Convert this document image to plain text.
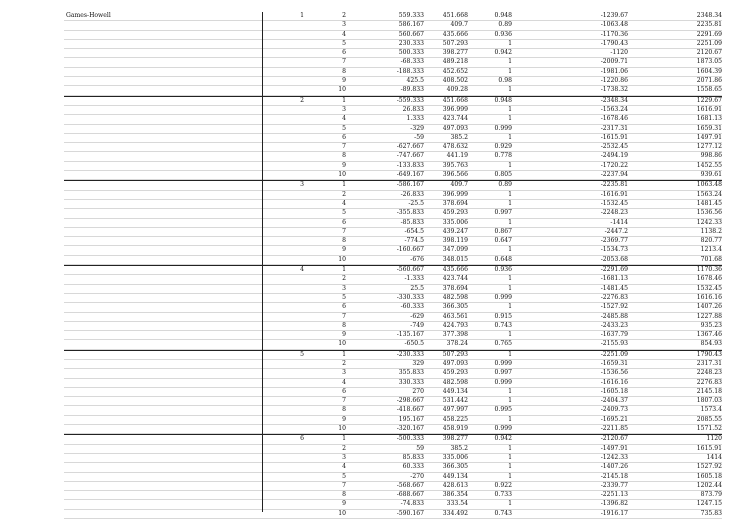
Games-Howell	1	2	559.333	451.668	0.948	-1239.67	2348.34
3	586.167	409.7	0.89	-1063.48	2235.81
4	560.667	435.666	0.936	-1170.36	2291.69
5	230.333	507.293	1	-1790.43	2251.09
6	500.333	398.277	0.942	-1120	2120.67
7	-68.333	489.218	1	-2009.71	1873.05
8	-188.333	452.652	1	-1981.06	1604.39
9	425.5	408.502	0.98	-1220.86	2071.86
10	-89.833	409.28	1	-1738.32	1558.65
2	1	-559.333	451.668	0.948	-2348.34	1229.67
3	26.833	396.999	1	-1563.24	1616.91
4	1.333	423.744	1	-1678.46	1681.13
5	-329	497.093	0.999	-2317.31	1659.31
6	-59	385.2	1	-1615.91	1497.91
7	-627.667	478.632	0.929	-2532.45	1277.12
8	-747.667	441.19	0.778	-2494.19	998.86
9	-133.833	395.763	1	-1720.22	1452.55
10	-649.167	396.566	0.805	-2237.94	939.61
3	1	-586.167	409.7	0.89	-2235.81	1063.48
2	-26.833	396.999	1	-1616.91	1563.24
4	-25.5	378.694	1	-1532.45	1481.45
5	-355.833	459.293	0.997	-2248.23	1536.56
6	-85.833	335.006	1	-1414	1242.33
7	-654.5	439.247	0.867	-2447.2	1138.2
8	-774.5	398.119	0.647	-2369.77	820.77
9	-160.667	347.099	1	-1534.73	1213.4
10	-676	348.015	0.648	-2053.68	701.68
4	1	-560.667	435.666	0.936	-2291.69	1170.36
2	-1.333	423.744	1	-1681.13	1678.46
3	25.5	378.694	1	-1481.45	1532.45
5	-330.333	482.598	0.999	-2276.83	1616.16
6	-60.333	366.305	1	-1527.92	1407.26
7	-629	463.561	0.915	-2485.88	1227.88
8	-749	424.793	0.743	-2433.23	935.23
9	-135.167	377.398	1	-1637.79	1367.46
10	-650.5	378.24	0.765	-2155.93	854.93
5	1	-230.333	507.293	1	-2251.09	1790.43
2	329	497.093	0.999	-1659.31	2317.31
3	355.833	459.293	0.997	-1536.56	2248.23
4	330.333	482.598	0.999	-1616.16	2276.83
6	270	449.134	1	-1605.18	2145.18
7	-298.667	531.442	1	-2404.37	1807.03
8	-418.667	497.997	0.995	-2409.73	1573.4
9	195.167	458.225	1	-1695.21	2085.55
10	-320.167	458.919	0.999	-2211.85	1571.52
6	1	-500.333	398.277	0.942	-2120.67	1120
2	59	385.2	1	-1497.91	1615.91
3	85.833	335.006	1	-1242.33	1414
4	60.333	366.305	1	-1407.26	1527.92
5	-270	449.134	1	-2145.18	1605.18
7	-568.667	428.613	0.922	-2339.77	1202.44
8	-688.667	386.354	0.733	-2251.13	873.79
9	-74.833	333.54	1	-1396.82	1247.15
10	-590.167	334.492	0.743	-1916.17	735.83
